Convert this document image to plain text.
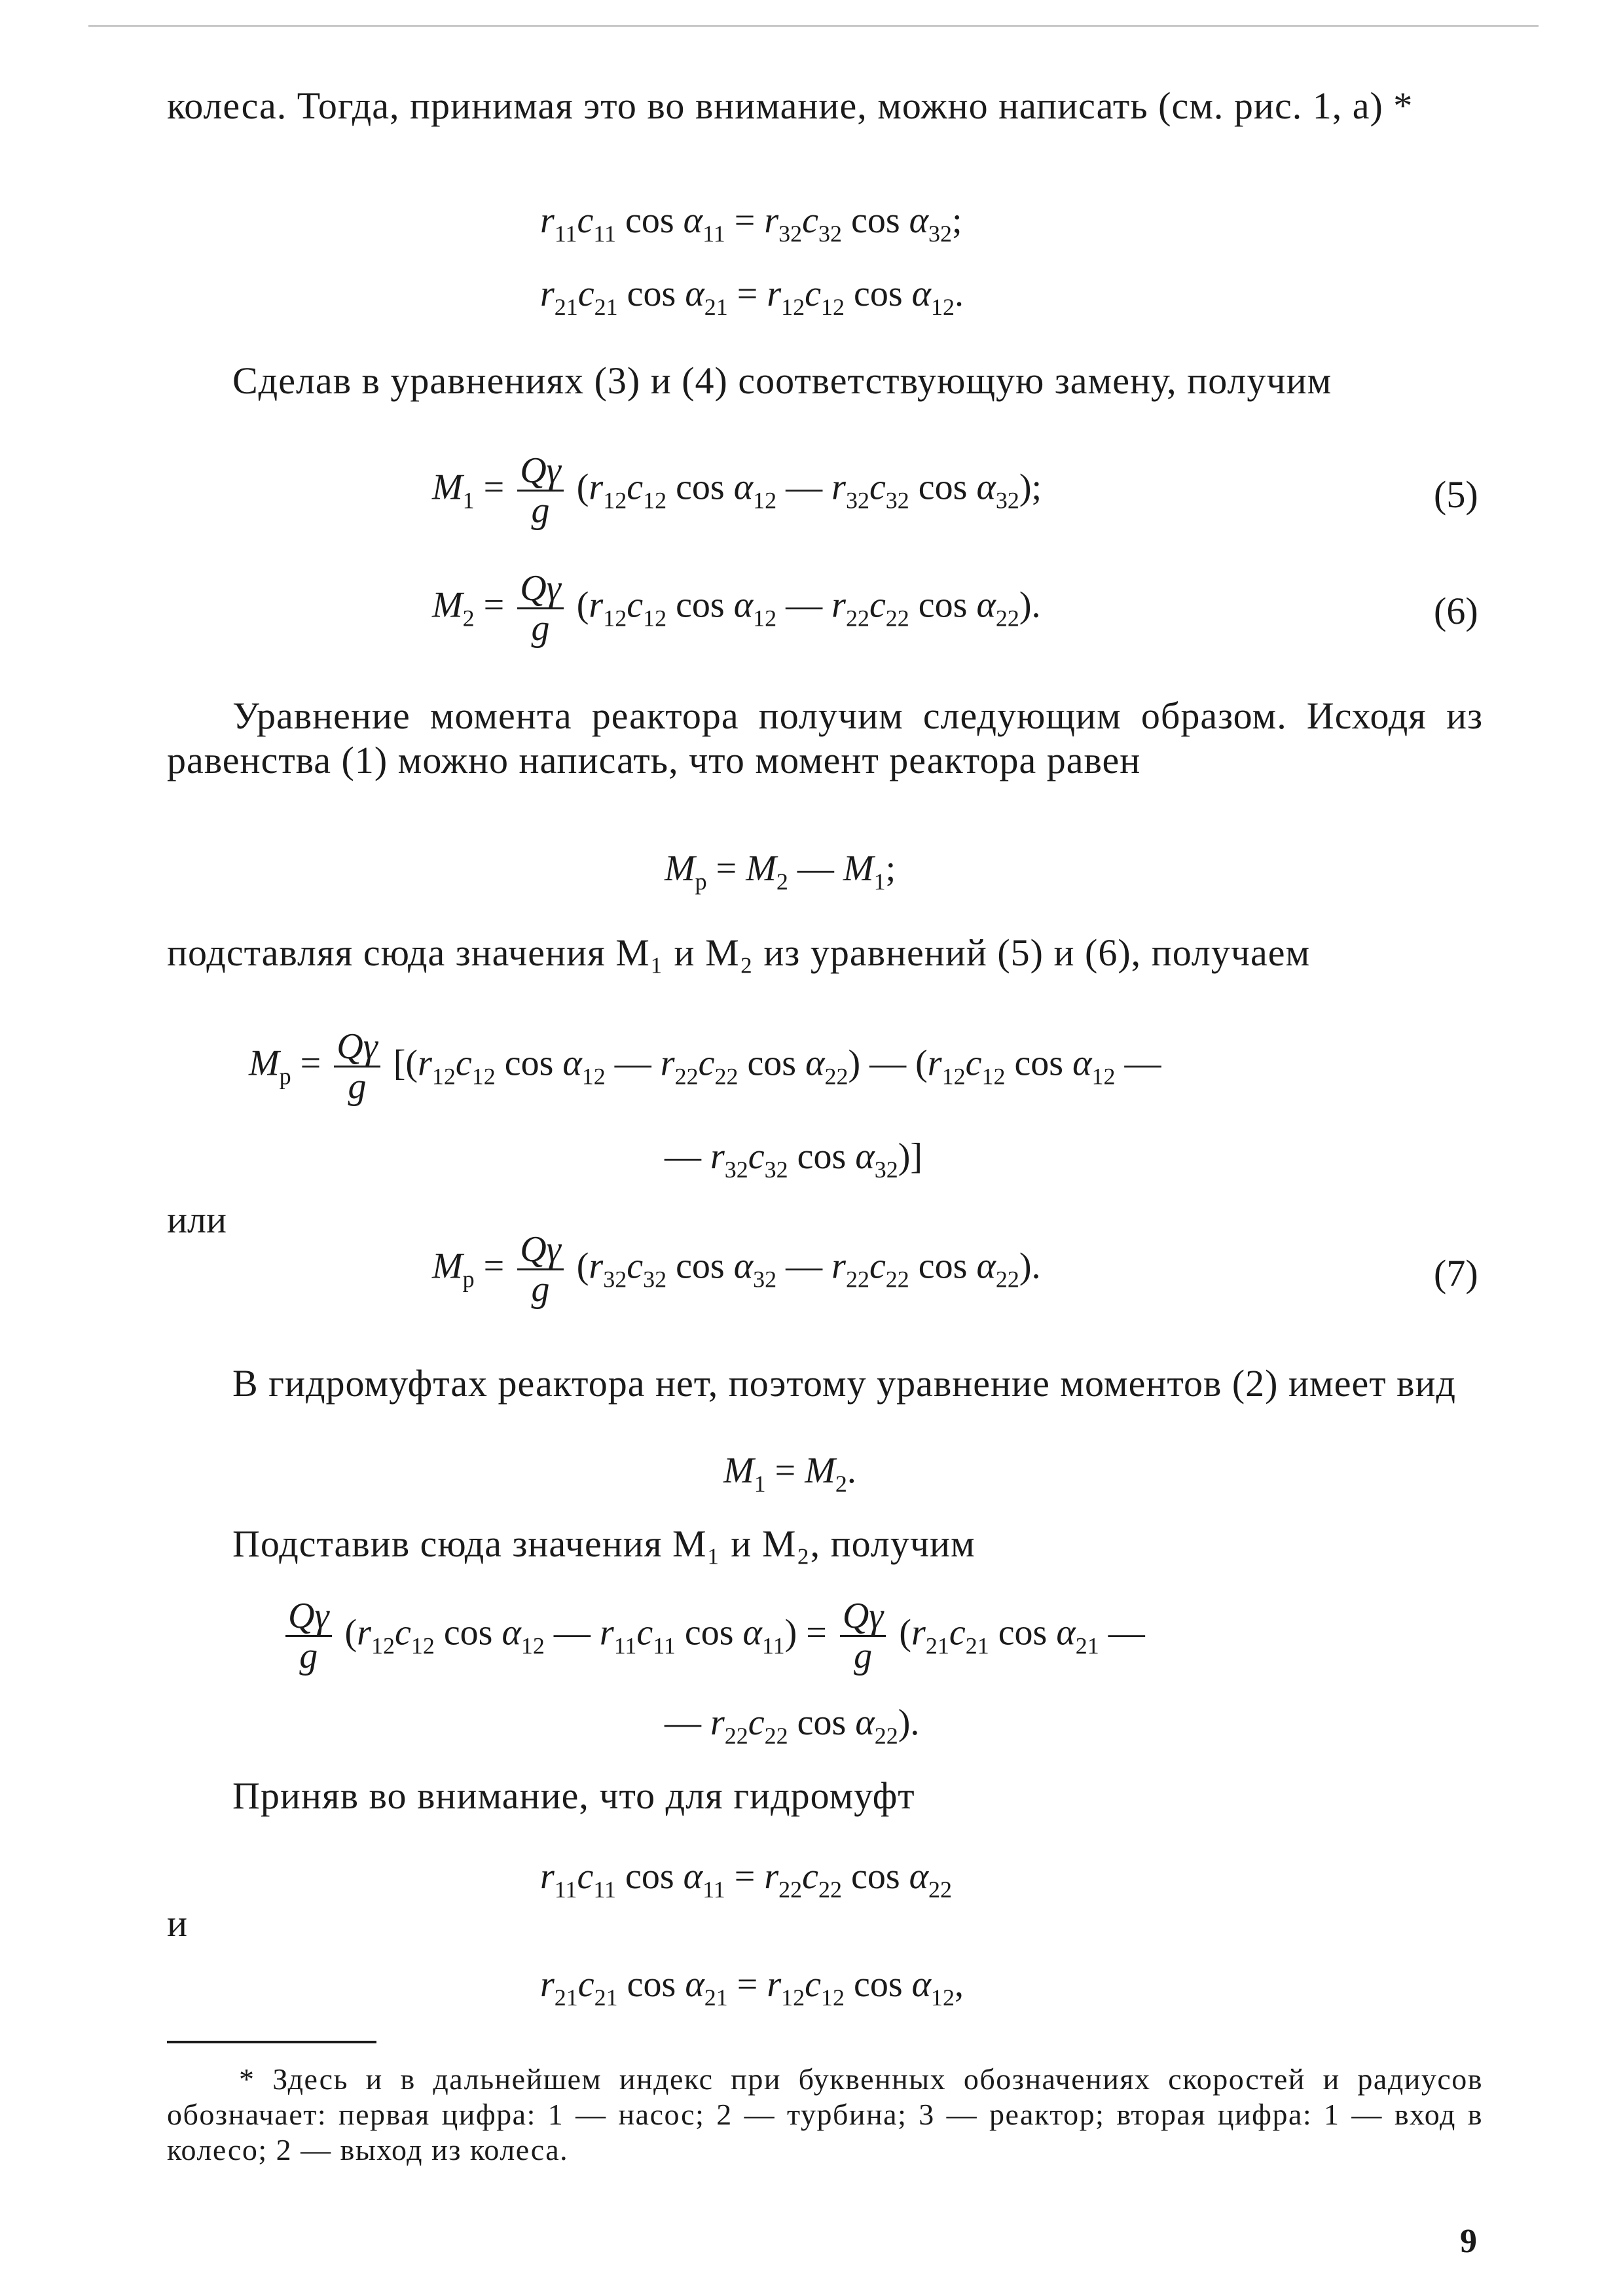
колеса. Тогда, принимая это во внимание, можно написать (см. рис. 1, а) *

$r_{11}c_{11}$ $\cos \alpha_{11} = r_{32}c_{32}$ $\cos \alpha_{32}$;
$r_{21}c_{21}$ $\cos \alpha_{21} = r_{12}c_{12}$ $\cos \alpha_{12}$.

Сделав в уравнениях (3) и (4) соответствующую замену, получим

$M_1 = \frac{Q\gamma}{g} (r_{12}c_{12}$ $\cos \alpha_{12}$ — $r_{32}c_{32}$ $\cos \alpha_{32}$);	(5)
$M_2 = \frac{Q\gamma}{g} (r_{12}c_{12}$ $\cos \alpha_{12}$ — $r_{22}c_{22}$ $\cos \alpha_{22}$).	(6)

Уравнение момента реактора получим следующим образом. Исходя из равенства (1) можно написать, что момент реактора равен

$M_p = M_2$ — $M_1$;

подставляя сюда значения M₁ и M₂ из уравнений (5) и (6), получаем

$M_p = \frac{Q\gamma}{g} [(r_{12}c_{12}$ $\cos \alpha_{12}$ — $r_{22}c_{22}$ $\cos \alpha_{22}$) — ($r_{12}c_{12}$ $\cos \alpha_{12}$ —
— $r_{32}c_{32}$ $\cos \alpha_{32}$)]

или

$M_p = \frac{Q\gamma}{g} (r_{32}c_{32}$ $\cos \alpha_{32}$ — $r_{22}c_{22}$ $\cos \alpha_{22}$).	(7)

В гидромуфтах реактора нет, поэтому уравнение моментов (2) имеет вид

$M_1 = M_2$.

Подставив сюда значения M₁ и M₂, получим

$\frac{Q\gamma}{g} (r_{12}c_{12}$ $\cos \alpha_{12}$ — $r_{11}c_{11}$ $\cos \alpha_{11}) = \frac{Q\gamma}{g} (r_{21}c_{21}$ $\cos \alpha_{21}$ —
— $r_{22}c_{22}$ $\cos \alpha_{22}$).

Приняв во внимание, что для гидромуфт

$r_{11}c_{11}$ $\cos \alpha_{11} = r_{22}c_{22}$ $\cos \alpha_{22}$

и

$r_{21}c_{21}$ $\cos \alpha_{21} = r_{12}c_{12}$ $\cos \alpha_{12}$,

* Здесь и в дальнейшем индекс при буквенных обозначениях скоростей и радиусов обозначает: первая цифра: 1 — насос; 2 — турбина; 3 — реактор; вторая цифра: 1 — вход в колесо; 2 — выход из колеса.

9
